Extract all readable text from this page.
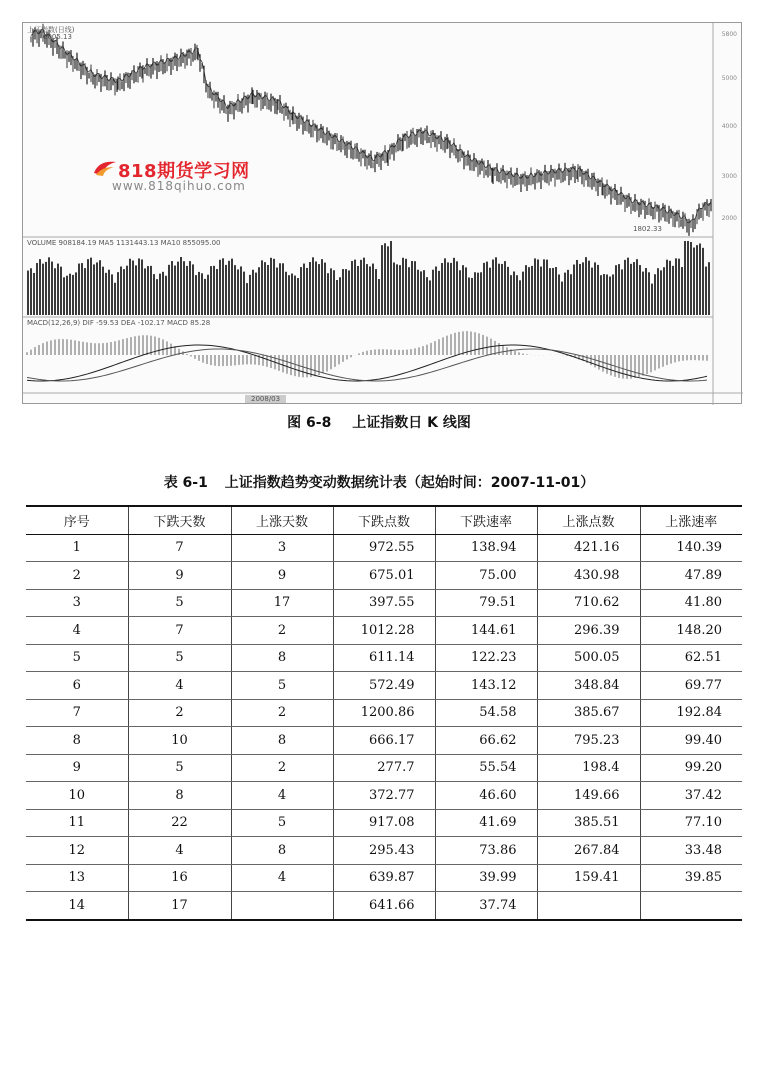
上证指数(日线)
6005.13
1802.33
VOLUME 908184.19 MA5 1131443.13 MA10 855095.00
MACD(12,26,9) DIF -59.53 DEA -102.17 MACD 85.28
5800
5000
4000
3000
2000
2008/03
818期货学习网
www.818qihuo.com
图 6-8 上证指数日 K 线图
表 6-1 上证指数趋势变动数据统计表（起始时间：2007-11-01）
序号	下跌天数	上涨天数	下跌点数	下跌速率	上涨点数	上涨速率
1	7	3	972.55	138.94	421.16	140.39
2	9	9	675.01	75.00	430.98	47.89
3	5	17	397.55	79.51	710.62	41.80
4	7	2	1012.28	144.61	296.39	148.20
5	5	8	611.14	122.23	500.05	62.51
6	4	5	572.49	143.12	348.84	69.77
7	2	2	1200.86	54.58	385.67	192.84
8	10	8	666.17	66.62	795.23	99.40
9	5	2	277.7	55.54	198.4	99.20
10	8	4	372.77	46.60	149.66	37.42
11	22	5	917.08	41.69	385.51	77.10
12	4	8	295.43	73.86	267.84	33.48
13	16	4	639.87	39.99	159.41	39.85
14	17		641.66	37.74		
